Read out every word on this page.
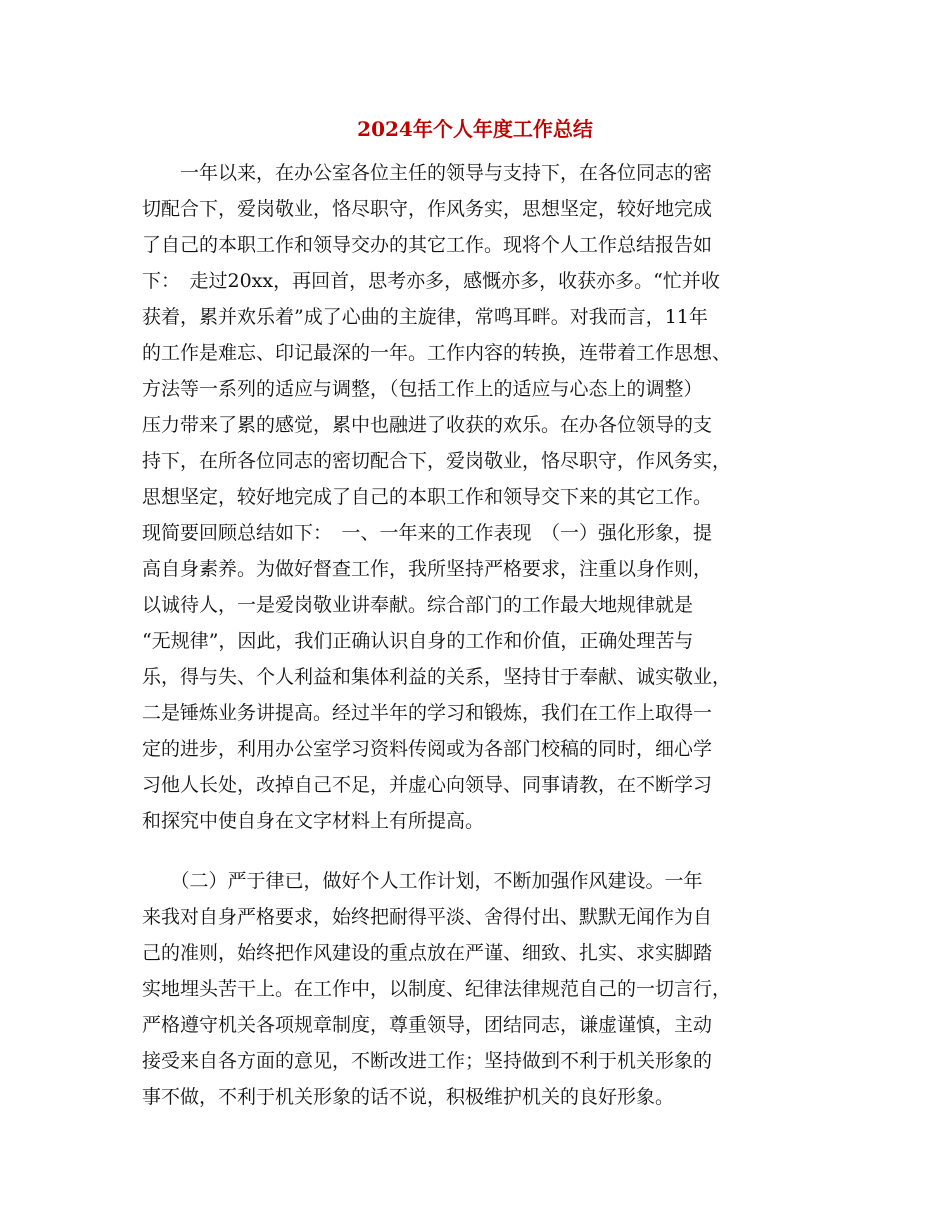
2024年个人年度工作总结

　　一年以来，在办公室各位主任的领导与支持下，在各位同志的密

切配合下，爱岗敬业，恪尽职守，作风务实，思想坚定，较好地完成

了自己的本职工作和领导交办的其它工作。现将个人工作总结报告如

下：　走过20xx，再回首，思考亦多，感慨亦多，收获亦多。“忙并收

获着，累并欢乐着”成了心曲的主旋律，常鸣耳畔。对我而言，11年

的工作是难忘、印记最深的一年。工作内容的转换，连带着工作思想、

方法等一系列的适应与调整，（包括工作上的适应与心态上的调整）

压力带来了累的感觉，累中也融进了收获的欢乐。在办各位领导的支

持下，在所各位同志的密切配合下，爱岗敬业，恪尽职守，作风务实，

思想坚定，较好地完成了自己的本职工作和领导交下来的其它工作。

现简要回顾总结如下：　一、一年来的工作表现　（一）强化形象，提

高自身素养。为做好督查工作，我所坚持严格要求，注重以身作则，

以诚待人，一是爱岗敬业讲奉献。综合部门的工作最大地规律就是

“无规律”，因此，我们正确认识自身的工作和价值，正确处理苦与

乐，得与失、个人利益和集体利益的关系，坚持甘于奉献、诚实敬业，

二是锤炼业务讲提高。经过半年的学习和锻炼，我们在工作上取得一

定的进步，利用办公室学习资料传阅或为各部门校稿的同时，细心学

习他人长处，改掉自己不足，并虚心向领导、同事请教，在不断学习

和探究中使自身在文字材料上有所提高。

　　（二）严于律已，做好个人工作计划，不断加强作风建设。一年

来我对自身严格要求，始终把耐得平淡、舍得付出、默默无闻作为自

己的准则，始终把作风建设的重点放在严谨、细致、扎实、求实脚踏

实地埋头苦干上。在工作中，以制度、纪律法律规范自己的一切言行，

严格遵守机关各项规章制度，尊重领导，团结同志，谦虚谨慎，主动

接受来自各方面的意见，不断改进工作；坚持做到不利于机关形象的

事不做，不利于机关形象的话不说，积极维护机关的良好形象。
